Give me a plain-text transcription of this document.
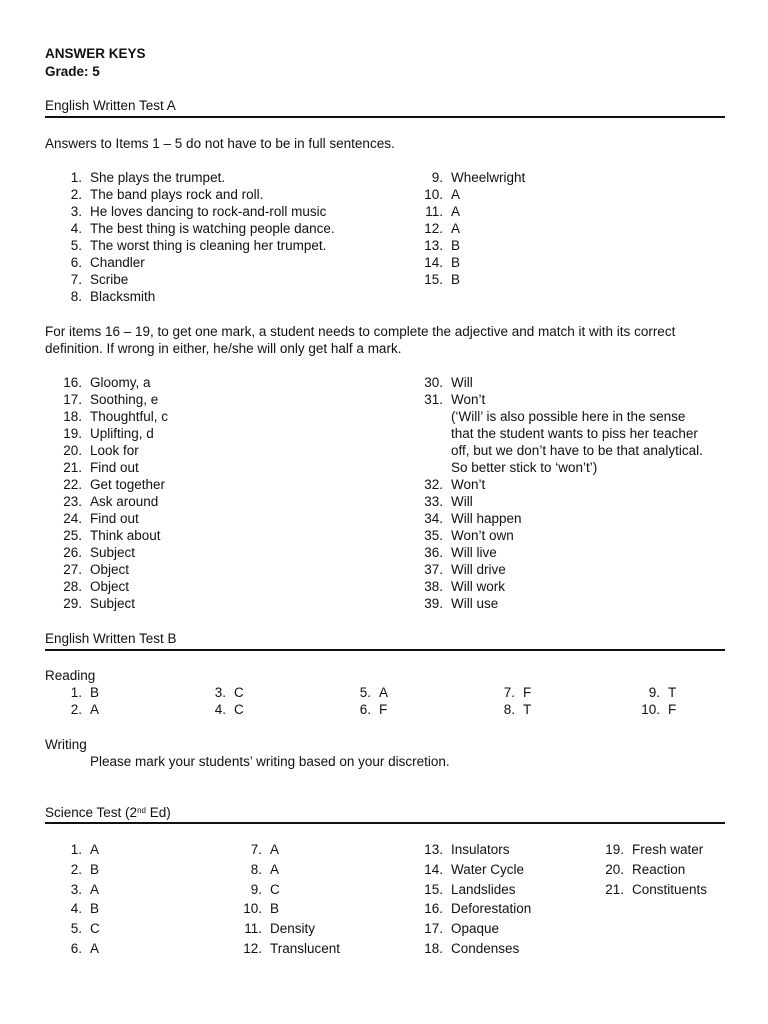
ANSWER KEYS
Grade: 5
English Written Test A
Answers to Items 1 – 5 do not have to be in full sentences.
1. She plays the trumpet.
2. The band plays rock and roll.
3. He loves dancing to rock-and-roll music
4. The best thing is watching people dance.
5. The worst thing is cleaning her trumpet.
6. Chandler
7. Scribe
8. Blacksmith
9. Wheelwright
10. A
11. A
12. A
13. B
14. B
15. B
For items 16 – 19, to get one mark, a student needs to complete the adjective and match it with its correct
definition. If wrong in either, he/she will only get half a mark.
16. Gloomy, a
17. Soothing, e
18. Thoughtful, c
19. Uplifting, d
20. Look for
21. Find out
22. Get together
23. Ask around
24. Find out
25. Think about
26. Subject
27. Object
28. Object
29. Subject
30. Will
31. Won’t
(‘Will’ is also possible here in the sense
that the student wants to piss her teacher
off, but we don’t have to be that analytical.
So better stick to ‘won’t’)
32. Won’t
33. Will
34. Will happen
35. Won’t own
36. Will live
37. Will drive
38. Will work
39. Will use
English Written Test B
Reading
1. B
2. A
3. C
4. C
5. A
6. F
7. F
8. T
9. T
10. F
Writing
Please mark your students’ writing based on your discretion.
Science Test (2nd Ed)
1. A
2. B
3. A
4. B
5. C
6. A
7. A
8. A
9. C
10. B
11. Density
12. Translucent
13. Insulators
14. Water Cycle
15. Landslides
16. Deforestation
17. Opaque
18. Condenses
19. Fresh water
20. Reaction
21. Constituents
